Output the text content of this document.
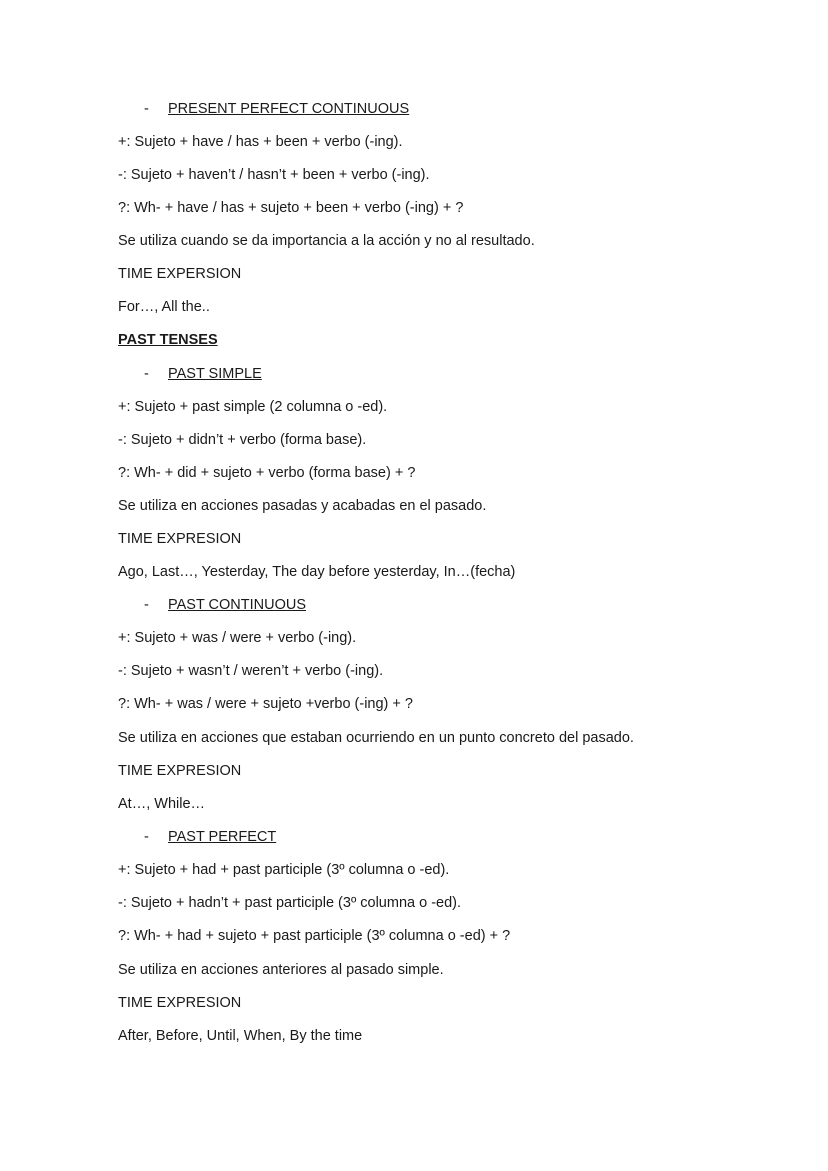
- PRESENT PERFECT CONTINUOUS
+: Sujeto + have / has + been + verbo (-ing).
-: Sujeto + haven’t / hasn’t + been + verbo (-ing).
?: Wh- + have / has + sujeto + been + verbo (-ing) + ?
Se utiliza cuando se da importancia a la acción y no al resultado.
TIME EXPERSION
For…, All the..
PAST TENSES
- PAST SIMPLE
+: Sujeto + past simple (2 columna o -ed).
-: Sujeto + didn’t + verbo (forma base).
?: Wh- + did + sujeto + verbo (forma base) + ?
Se utiliza en acciones pasadas y acabadas en el pasado.
TIME EXPRESION
Ago, Last…, Yesterday, The day before yesterday, In…(fecha)
- PAST CONTINUOUS
+: Sujeto + was / were + verbo (-ing).
-: Sujeto + wasn’t / weren’t + verbo (-ing).
?: Wh- + was / were + sujeto +verbo (-ing) + ?
Se utiliza en acciones que estaban ocurriendo en un punto concreto del pasado.
TIME EXPRESION
At…, While…
- PAST PERFECT
+: Sujeto + had + past participle (3º columna o -ed).
-: Sujeto + hadn’t + past participle (3º columna o -ed).
?: Wh- + had + sujeto + past participle (3º columna o -ed) + ?
Se utiliza en acciones anteriores al pasado simple.
TIME EXPRESION
After, Before, Until, When, By the time
